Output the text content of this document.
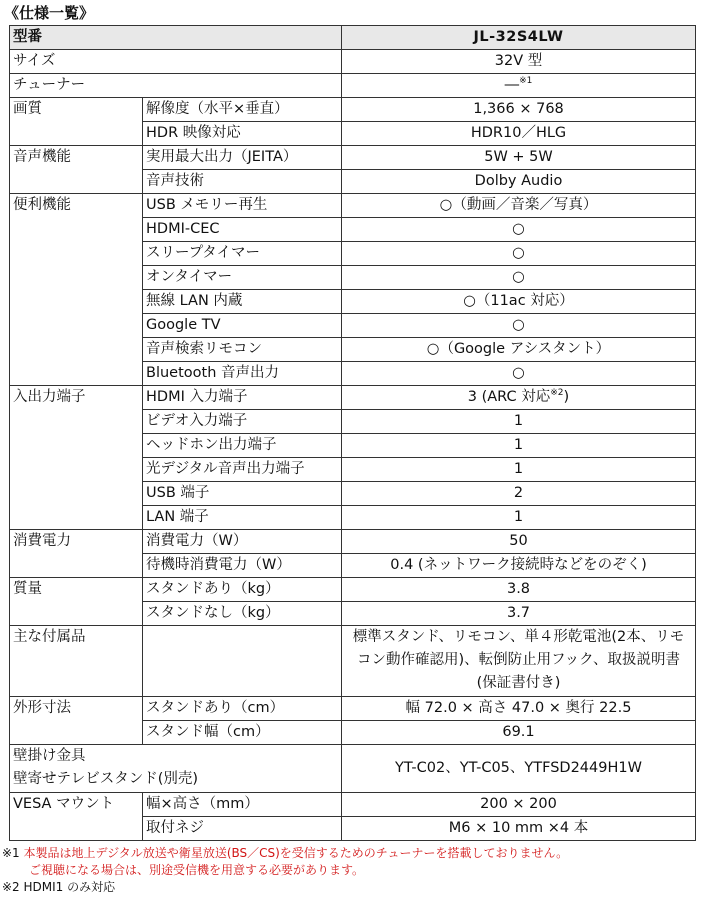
《仕様一覧》
型番		JL-32S4LW
サイズ		32V 型
チューナー		―$^{※1}$
画質	解像度（水平×垂直）	1,366 × 768
	HDR 映像対応	HDR10／HLG
音声機能	実用最大出力（JEITA）	5W + 5W
	音声技術	Dolby Audio
便利機能	USB メモリー再生	○（動画／音楽／写真）
	HDMI-CEC	○
	スリープタイマー	○
	オンタイマー	○
	無線 LAN 内蔵	○（11ac 対応）
	Google TV	○
	音声検索リモコン	○（Google アシスタント）
	Bluetooth 音声出力	○
入出力端子	HDMI 入力端子	3 (ARC 対応$^{※2}$)
	ビデオ入力端子	1
	ヘッドホン出力端子	1
	光デジタル音声出力端子	1
	USB 端子	2
	LAN 端子	1
消費電力	消費電力（W）	50
	待機時消費電力（W）	0.4 (ネットワーク接続時などをのぞく)
質量	スタンドあり（kg）	3.8
	スタンドなし（kg）	3.7
主な付属品		標準スタンド、リモコン、単４形乾電池(2本、リモコン動作確認用)、転倒防止用フック、取扱説明書(保証書付き)
外形寸法	スタンドあり（cm）	幅 72.0 × 高さ 47.0 × 奥行 22.5
	スタンド幅（cm）	69.1

壁掛け金具
壁寄せテレビスタンド(別売)		YT-C02、YT-C05、YTFSD2449H1W
VESA マウント	幅×高さ（mm）	200 × 200
	取付ネジ	M6 × 10 mm ×4 本
※1 本製品は地上デジタル放送や衛星放送(BS／CS)を受信するためのチューナーを搭載しておりません。
ご視聴になる場合は、別途受信機を用意する必要があります。
※2 HDMI1 のみ対応
